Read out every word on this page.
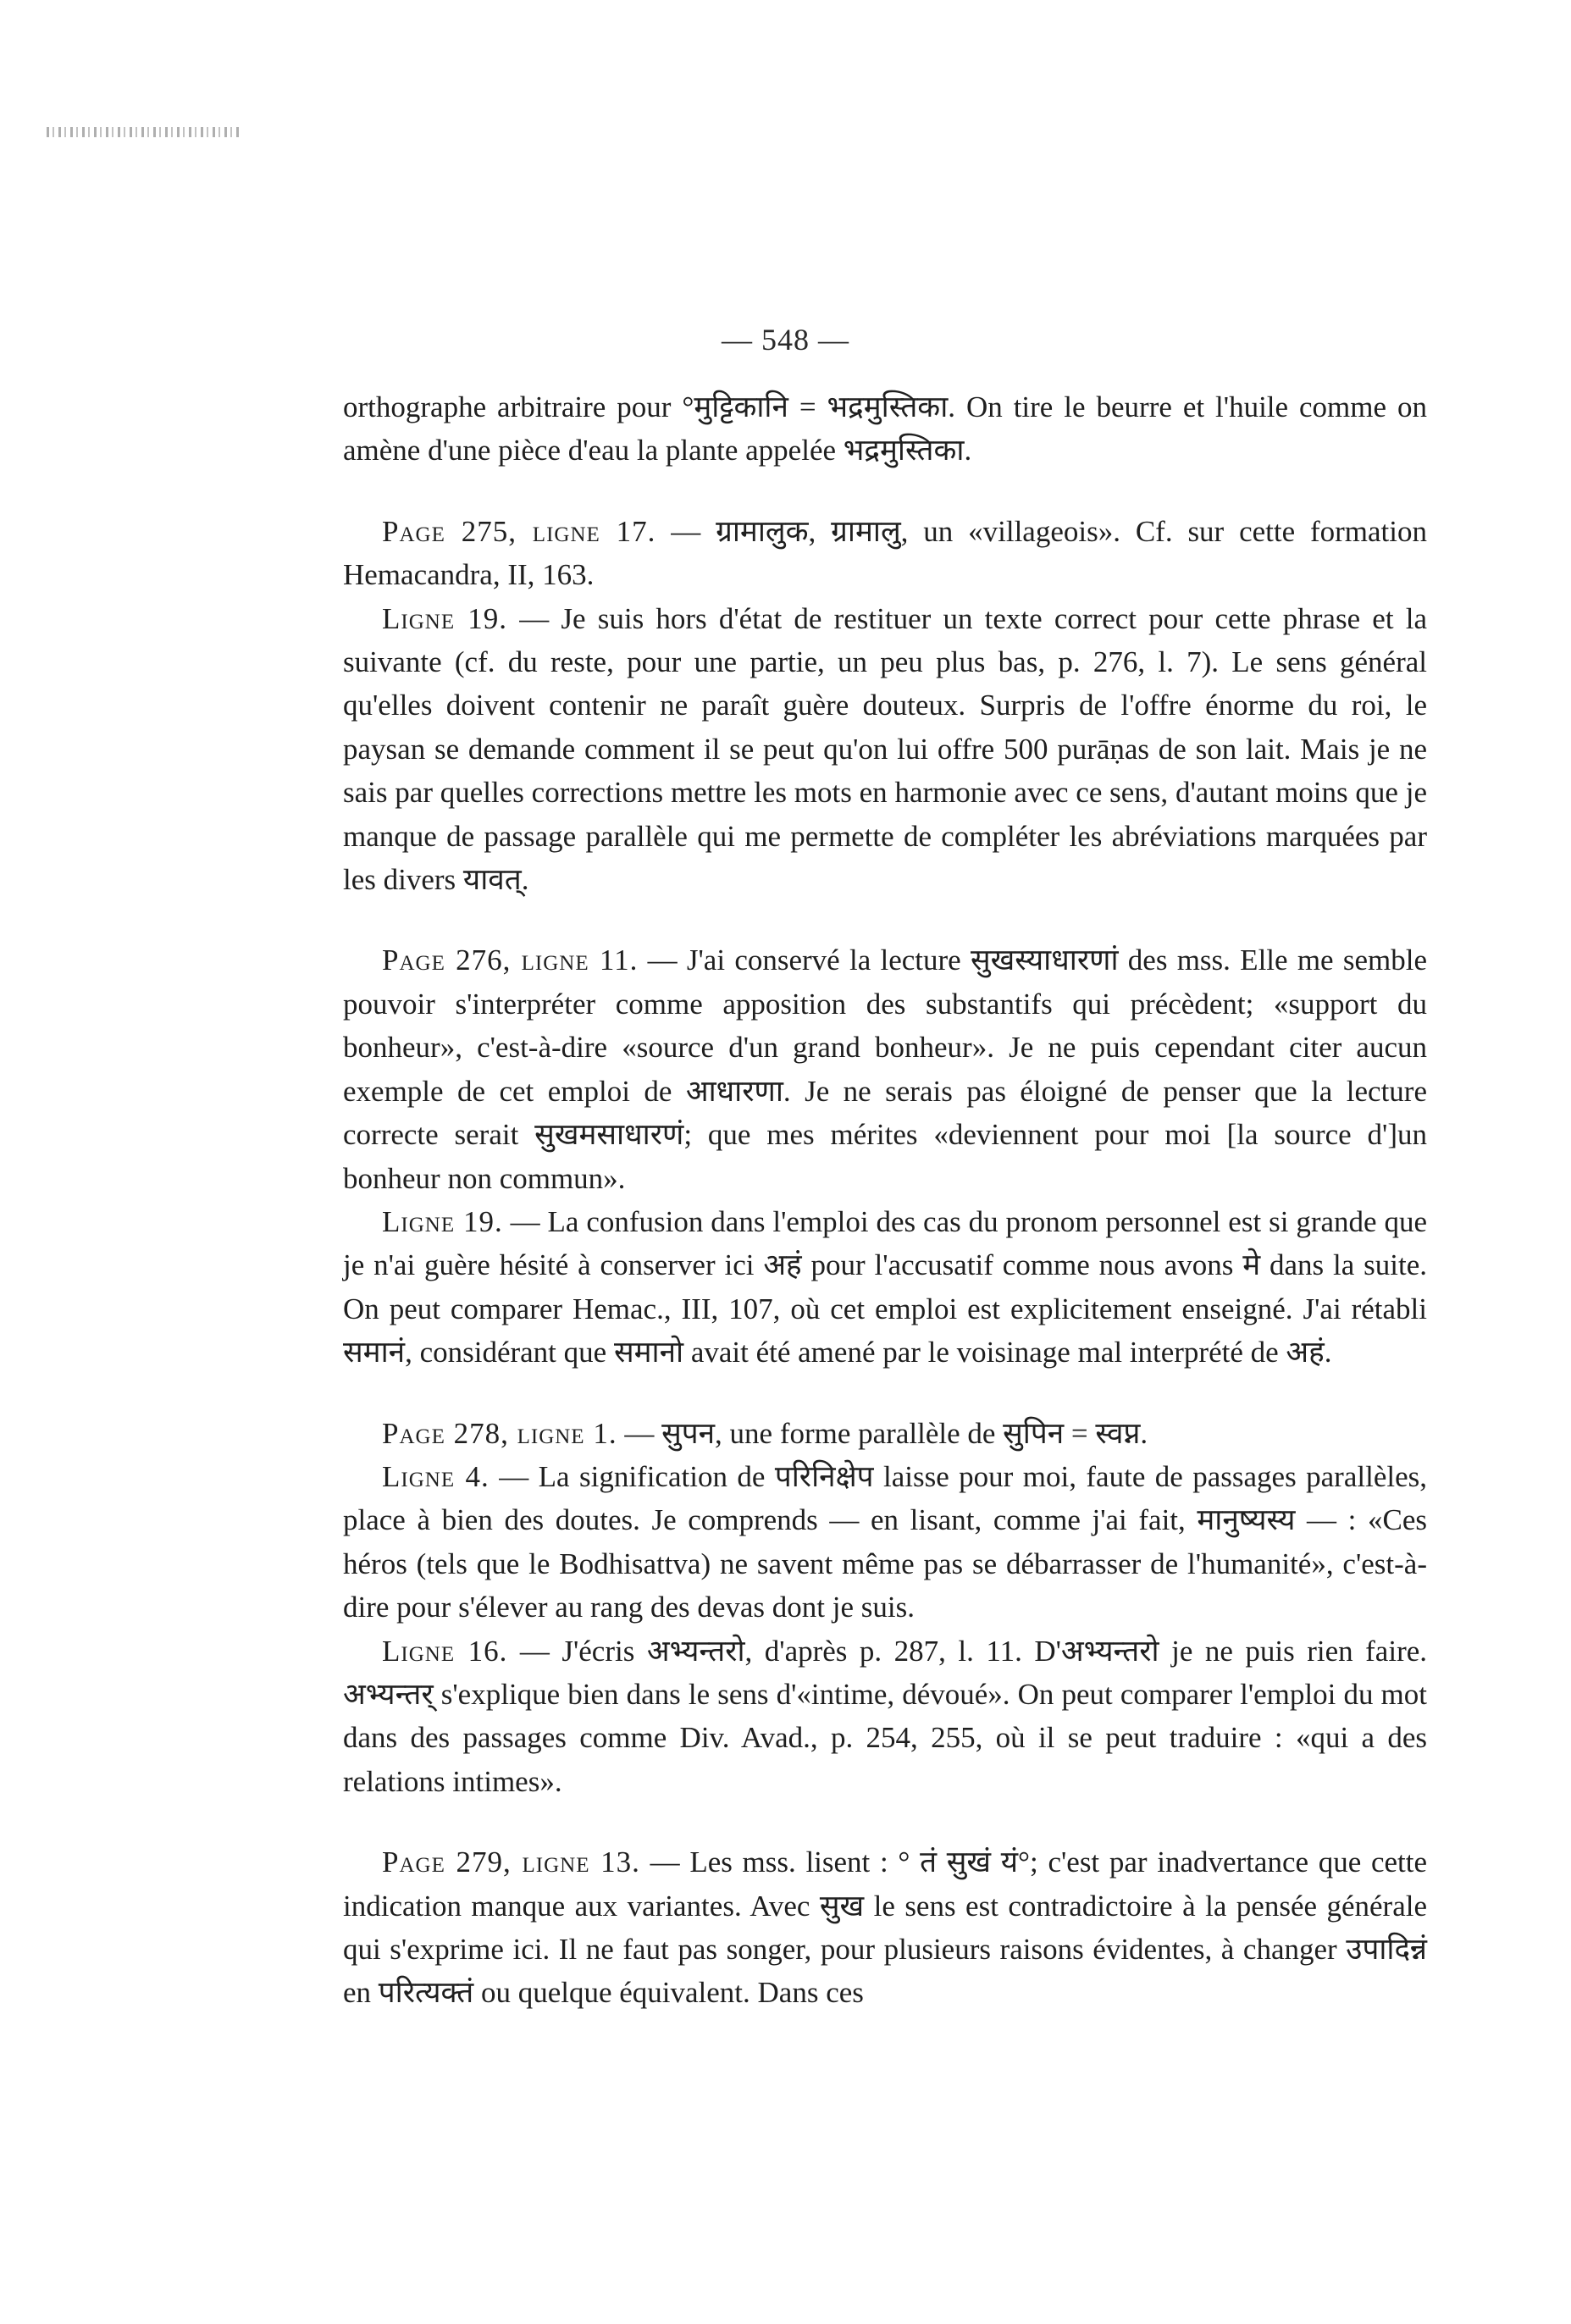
— 548 —

orthographe arbitraire pour °मुट्टिकानि = भद्रमुस्तिका. On tire le beurre et l'huile comme on amène d'une pièce d'eau la plante appelée भद्रमुस्तिका.

Page 275, ligne 17. — ग्रामालुक, ग्रामालु, un «villageois». Cf. sur cette formation Hemacandra, II, 163.

Ligne 19. — Je suis hors d'état de restituer un texte correct pour cette phrase et la suivante (cf. du reste, pour une partie, un peu plus bas, p. 276, l. 7). Le sens général qu'elles doivent contenir ne paraît guère douteux. Surpris de l'offre énorme du roi, le paysan se demande comment il se peut qu'on lui offre 500 purāṇas de son lait. Mais je ne sais par quelles corrections mettre les mots en harmonie avec ce sens, d'autant moins que je manque de passage parallèle qui me permette de compléter les abréviations marquées par les divers यावत्.

Page 276, ligne 11. — J'ai conservé la lecture सुखस्याधारणां des mss. Elle me semble pouvoir s'interpréter comme apposition des substantifs qui précèdent; «support du bonheur», c'est-à-dire «source d'un grand bonheur». Je ne puis cependant citer aucun exemple de cet emploi de आधारणा. Je ne serais pas éloigné de penser que la lecture correcte serait सुखमसाधारणं; que mes mérites «deviennent pour moi [la source d']un bonheur non commun».

Ligne 19. — La confusion dans l'emploi des cas du pronom personnel est si grande que je n'ai guère hésité à conserver ici अहं pour l'accusatif comme nous avons मे dans la suite. On peut comparer Hemac., III, 107, où cet emploi est explicitement enseigné. J'ai rétabli समानं, considérant que समानो avait été amené par le voisinage mal interprété de अहं.

Page 278, ligne 1. — सुपन, une forme parallèle de सुपिन = स्वप्न.

Ligne 4. — La signification de परिनिक्षेप laisse pour moi, faute de passages parallèles, place à bien des doutes. Je comprends — en lisant, comme j'ai fait, मानुष्यस्य — : «Ces héros (tels que le Bodhisattva) ne savent même pas se débarrasser de l'humanité», c'est-à-dire pour s'élever au rang des devas dont je suis.

Ligne 16. — J'écris अभ्यन्तरो, d'après p. 287, l. 11. D'अभ्यन्तरो je ne puis rien faire. अभ्यन्तर् s'explique bien dans le sens d'«intime, dévoué». On peut comparer l'emploi du mot dans des passages comme Div. Avad., p. 254, 255, où il se peut traduire : «qui a des relations intimes».

Page 279, ligne 13. — Les mss. lisent : ° तं सुखं यं°; c'est par inadvertance que cette indication manque aux variantes. Avec सुख le sens est contradictoire à la pensée générale qui s'exprime ici. Il ne faut pas songer, pour plusieurs raisons évidentes, à changer उपादिन्नं en परित्यक्तं ou quelque équivalent. Dans ces
